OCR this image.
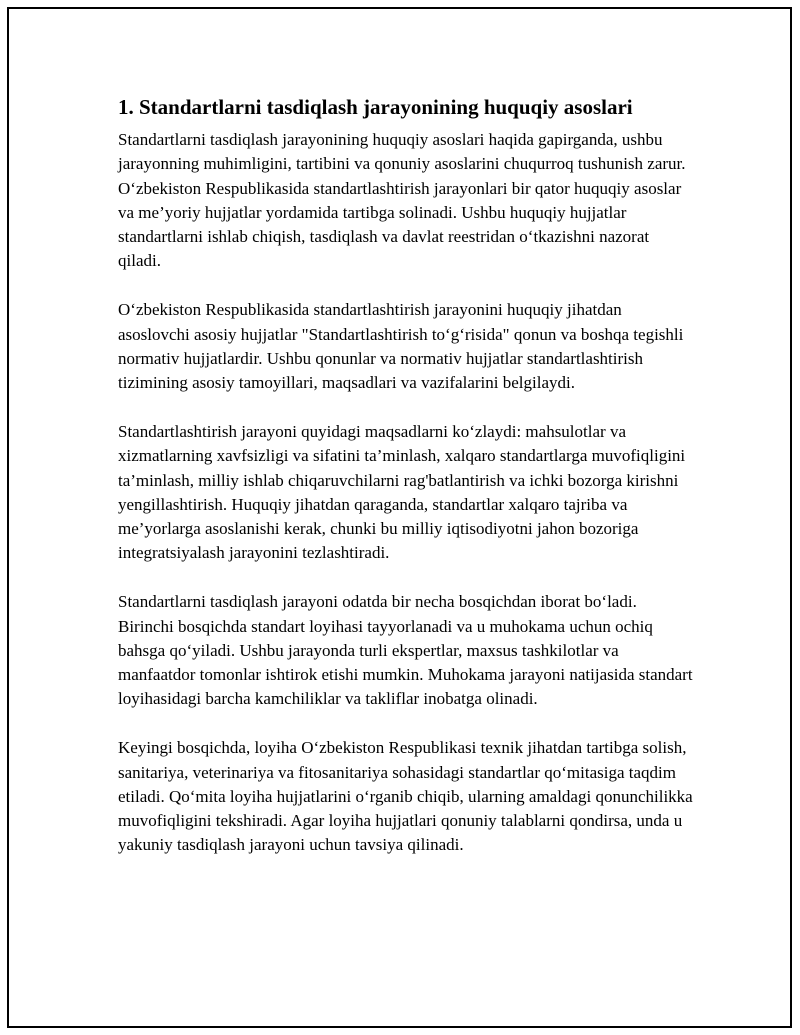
1. Standartlarni tasdiqlash jarayonining huquqiy asoslari

Standartlarni tasdiqlash jarayonining huquqiy asoslari haqida gapirganda, ushbu jarayonning muhimligini, tartibini va qonuniy asoslarini chuqurroq tushunish zarur. O‘zbekiston Respublikasida standartlashtirish jarayonlari bir qator huquqiy asoslar va me’yoriy hujjatlar yordamida tartibga solinadi. Ushbu huquqiy hujjatlar standartlarni ishlab chiqish, tasdiqlash va davlat reestridan o‘tkazishni nazorat qiladi.

O‘zbekiston Respublikasida standartlashtirish jarayonini huquqiy jihatdan asoslovchi asosiy hujjatlar "Standartlashtirish to‘g‘risida" qonun va boshqa tegishli normativ hujjatlardir. Ushbu qonunlar va normativ hujjatlar standartlashtirish tizimining asosiy tamoyillari, maqsadlari va vazifalarini belgilaydi.

Standartlashtirish jarayoni quyidagi maqsadlarni ko‘zlaydi: mahsulotlar va xizmatlarning xavfsizligi va sifatini ta’minlash, xalqaro standartlarga muvofiqligini ta’minlash, milliy ishlab chiqaruvchilarni rag'batlantirish va ichki bozorga kirishni yengillashtirish. Huquqiy jihatdan qaraganda, standartlar xalqaro tajriba va me’yorlarga asoslanishi kerak, chunki bu milliy iqtisodiyotni jahon bozoriga integratsiyalash jarayonini tezlashtiradi.

Standartlarni tasdiqlash jarayoni odatda bir necha bosqichdan iborat bo‘ladi. Birinchi bosqichda standart loyihasi tayyorlanadi va u muhokama uchun ochiq bahsga qo‘yiladi. Ushbu jarayonda turli ekspertlar, maxsus tashkilotlar va manfaatdor tomonlar ishtirok etishi mumkin. Muhokama jarayoni natijasida standart loyihasidagi barcha kamchiliklar va takliflar inobatga olinadi.

Keyingi bosqichda, loyiha O‘zbekiston Respublikasi texnik jihatdan tartibga solish, sanitariya, veterinariya va fitosanitariya sohasidagi standartlar qo‘mitasiga taqdim etiladi. Qo‘mita loyiha hujjatlarini o‘rganib chiqib, ularning amaldagi qonunchilikka muvofiqligini tekshiradi. Agar loyiha hujjatlari qonuniy talablarni qondirsa, unda u yakuniy tasdiqlash jarayoni uchun tavsiya qilinadi.
